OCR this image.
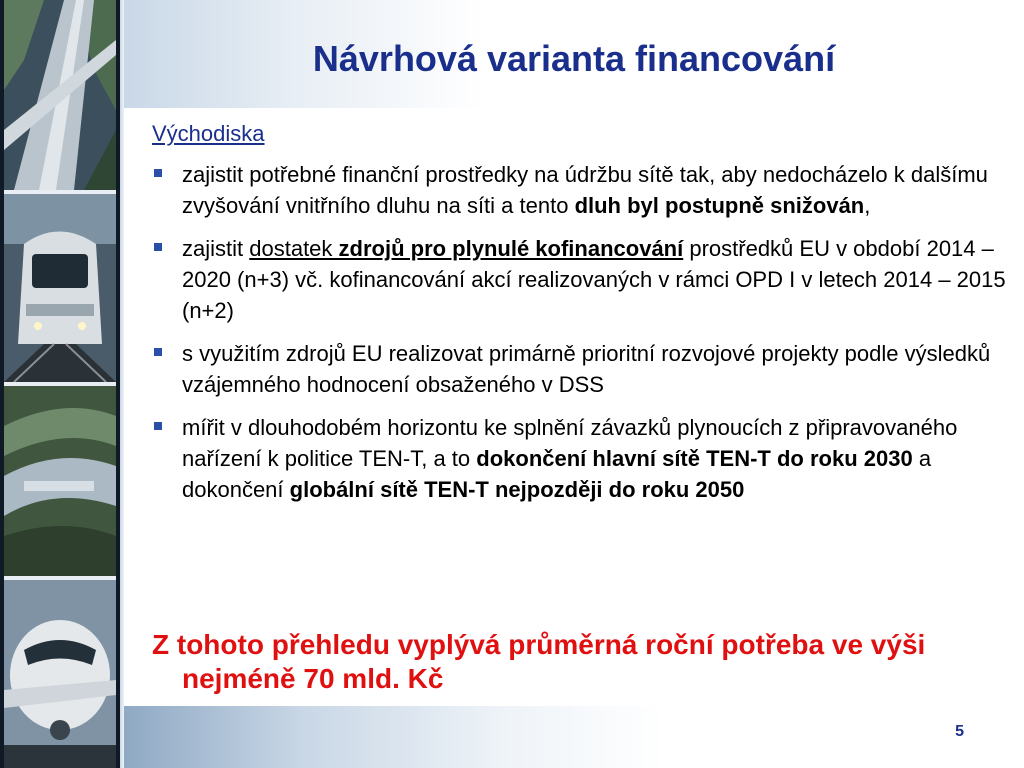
Návrhová varianta financování
Východiska
zajistit potřebné finanční prostředky na údržbu sítě tak, aby nedocházelo k dalšímu zvyšování vnitřního dluhu na síti a tento dluh byl postupně snižován,
zajistit dostatek zdrojů pro plynulé kofinancování prostředků EU v období 2014 – 2020 (n+3) vč. kofinancování akcí realizovaných v rámci OPD I v letech 2014 – 2015 (n+2)
s využitím zdrojů EU realizovat primárně prioritní rozvojové projekty podle výsledků vzájemného hodnocení obsaženého v DSS
mířit v dlouhodobém horizontu ke splnění závazků plynoucích z připravovaného nařízení k politice TEN-T, a to dokončení hlavní sítě TEN-T do roku 2030 a dokončení globální sítě TEN-T nejpozději do roku 2050

Z tohoto přehledu vyplývá průměrná roční potřeba ve výši nejméně 70 mld. Kč

5
